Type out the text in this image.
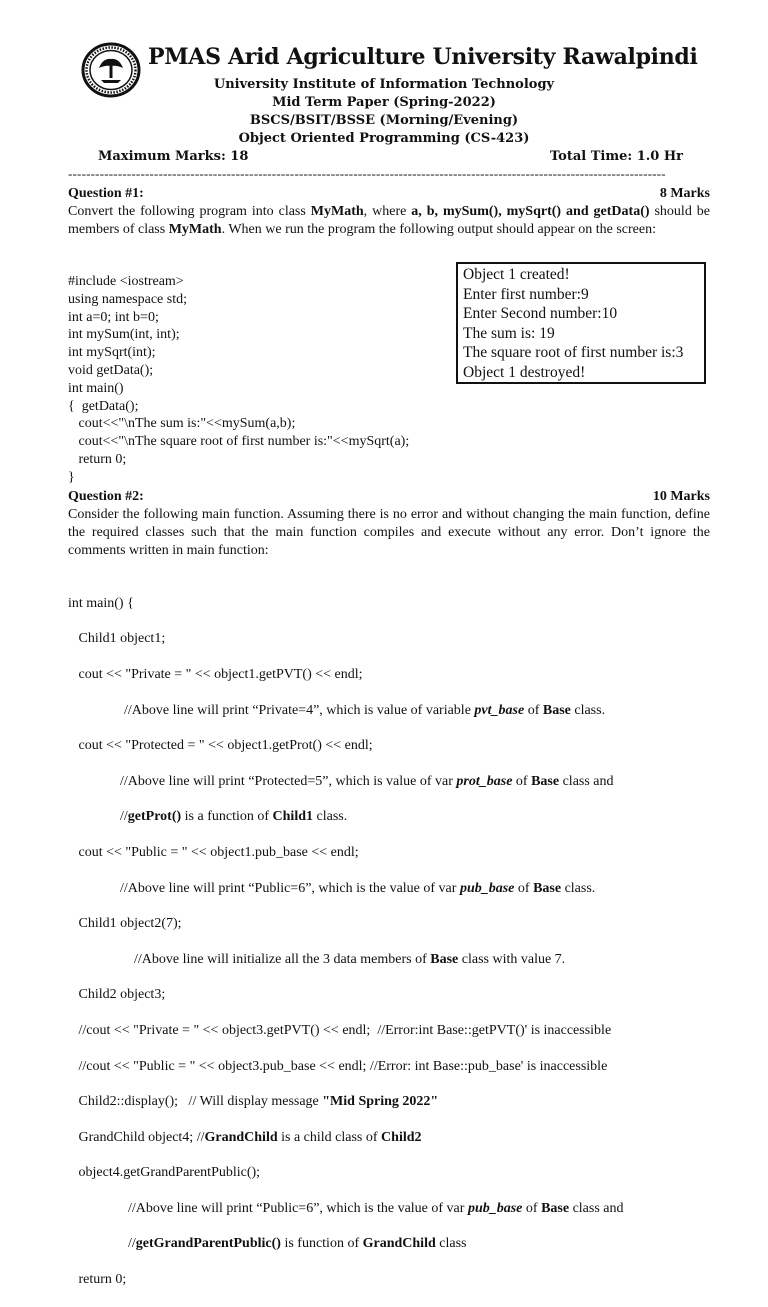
PMAS Arid Agriculture University Rawalpindi
University Institute of Information Technology
Mid Term Paper (Spring-2022)
BSCS/BSIT/BSSE (Morning/Evening)
Object Oriented Programming (CS-423)
Maximum Marks: 18	Total Time: 1.0 Hr
------------------------------------------------------------------------------------------------------------------------------------
Question #1:	8 Marks
Convert the following program into class MyMath, where a, b, mySum(), mySqrt() and getData() should be members of class MyMath. When we run the program the following output should appear on the screen:
#include <iostream>
using namespace std;
int a=0; int b=0;
int mySum(int, int);
int mySqrt(int);
void getData();
int main()
{  getData();
cout<<"\nThe sum is:"<<mySum(a,b);
cout<<"\nThe square root of first number is:"<<mySqrt(a);
return 0;
}
Object 1 created!
Enter first number:9
Enter Second number:10
The sum is: 19
The square root of first number is:3
Object 1 destroyed!
Question #2:	10 Marks
Consider the following main function. Assuming there is no error and without changing the main function, define the required classes such that the main function compiles and execute without any error. Don’t ignore the comments written in main function:

int main() {

Child1 object1;

cout << "Private = " << object1.getPVT() << endl;

//Above line will print “Private=4”, which is value of variable pvt_base of Base class.

cout << "Protected = " << object1.getProt() << endl;

//Above line will print “Protected=5”, which is value of var prot_base of Base class and

//getProt() is a function of Child1 class.

cout << "Public = " << object1.pub_base << endl;

//Above line will print “Public=6”, which is the value of var pub_base of Base class.

Child1 object2(7);

//Above line will initialize all the 3 data members of Base class with value 7.

Child2 object3;

//cout << "Private = " << object3.getPVT() << endl;  //Error:int Base::getPVT()' is inaccessible

//cout << "Public = " << object3.pub_base << endl; //Error: int Base::pub_base' is inaccessible

Child2::display();   // Will display message "Mid Spring 2022"

GrandChild object4; //GrandChild is a child class of Child2

object4.getGrandParentPublic();

//Above line will print “Public=6”, which is the value of var pub_base of Base class and

//getGrandParentPublic() is function of GrandChild class

return 0;
